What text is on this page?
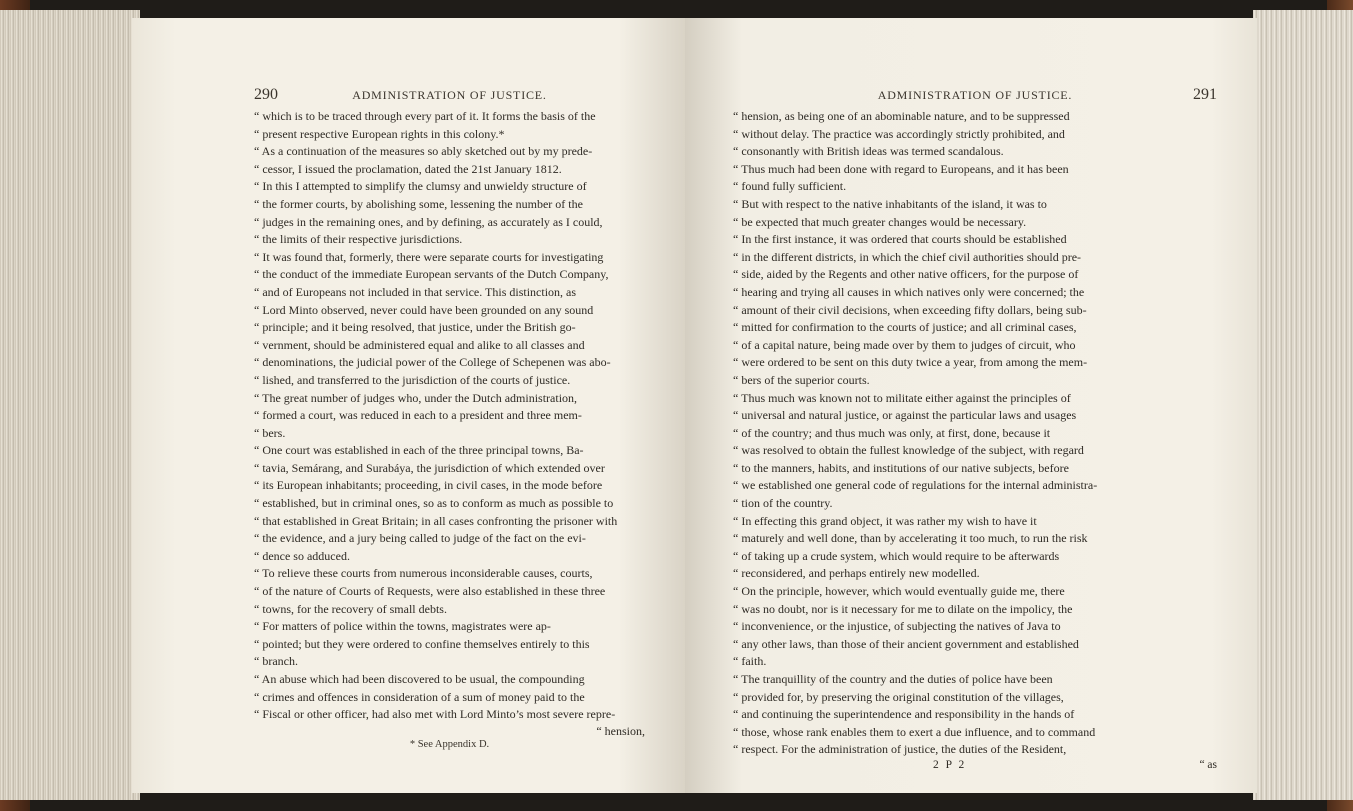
290	ADMINISTRATION OF JUSTICE.
“ which is to be traced through every part of it. It forms the basis of the
“ present respective European rights in this colony.*
“ As a continuation of the measures so ably sketched out by my prede-
“ cessor, I issued the proclamation, dated the 21st January 1812.
“ In this I attempted to simplify the clumsy and unwieldy structure of
“ the former courts, by abolishing some, lessening the number of the
“ judges in the remaining ones, and by defining, as accurately as I could,
“ the limits of their respective jurisdictions.
“ It was found that, formerly, there were separate courts for investigating
“ the conduct of the immediate European servants of the Dutch Company,
“ and of Europeans not included in that service. This distinction, as
“ Lord Minto observed, never could have been grounded on any sound
“ principle; and it being resolved, that justice, under the British go-
“ vernment, should be administered equal and alike to all classes and
“ denominations, the judicial power of the College of Schepenen was abo-
“ lished, and transferred to the jurisdiction of the courts of justice.
“ The great number of judges who, under the Dutch administration,
“ formed a court, was reduced in each to a president and three mem-
“ bers.
“ One court was established in each of the three principal towns, Ba-
“ tavia, Semárang, and Surabáya, the jurisdiction of which extended over
“ its European inhabitants; proceeding, in civil cases, in the mode before
“ established, but in criminal ones, so as to conform as much as possible to
“ that established in Great Britain; in all cases confronting the prisoner with
“ the evidence, and a jury being called to judge of the fact on the evi-
“ dence so adduced.
“ To relieve these courts from numerous inconsiderable causes, courts,
“ of the nature of Courts of Requests, were also established in these three
“ towns, for the recovery of small debts.
“ For matters of police within the towns, magistrates were ap-
“ pointed; but they were ordered to confine themselves entirely to this
“ branch.
“ An abuse which had been discovered to be usual, the compounding
“ crimes and offences in consideration of a sum of money paid to the
“ Fiscal or other officer, had also met with Lord Minto’s most severe repre-
“ hension,
* See Appendix D.
ADMINISTRATION OF JUSTICE.	291
“ hension, as being one of an abominable nature, and to be suppressed
“ without delay. The practice was accordingly strictly prohibited, and
“ consonantly with British ideas was termed scandalous.
“ Thus much had been done with regard to Europeans, and it has been
“ found fully sufficient.
“ But with respect to the native inhabitants of the island, it was to
“ be expected that much greater changes would be necessary.
“ In the first instance, it was ordered that courts should be established
“ in the different districts, in which the chief civil authorities should pre-
“ side, aided by the Regents and other native officers, for the purpose of
“ hearing and trying all causes in which natives only were concerned; the
“ amount of their civil decisions, when exceeding fifty dollars, being sub-
“ mitted for confirmation to the courts of justice; and all criminal cases,
“ of a capital nature, being made over by them to judges of circuit, who
“ were ordered to be sent on this duty twice a year, from among the mem-
“ bers of the superior courts.
“ Thus much was known not to militate either against the principles of
“ universal and natural justice, or against the particular laws and usages
“ of the country; and thus much was only, at first, done, because it
“ was resolved to obtain the fullest knowledge of the subject, with regard
“ to the manners, habits, and institutions of our native subjects, before
“ we established one general code of regulations for the internal administra-
“ tion of the country.
“ In effecting this grand object, it was rather my wish to have it
“ maturely and well done, than by accelerating it too much, to run the risk
“ of taking up a crude system, which would require to be afterwards
“ reconsidered, and perhaps entirely new modelled.
“ On the principle, however, which would eventually guide me, there
“ was no doubt, nor is it necessary for me to dilate on the impolicy, the
“ inconvenience, or the injustice, of subjecting the natives of Java to
“ any other laws, than those of their ancient government and established
“ faith.
“ The tranquillity of the country and the duties of police have been
“ provided for, by preserving the original constitution of the villages,
“ and continuing the superintendence and responsibility in the hands of
“ those, whose rank enables them to exert a due influence, and to command
“ respect. For the administration of justice, the duties of the Resident,
2 P 2	“ as
